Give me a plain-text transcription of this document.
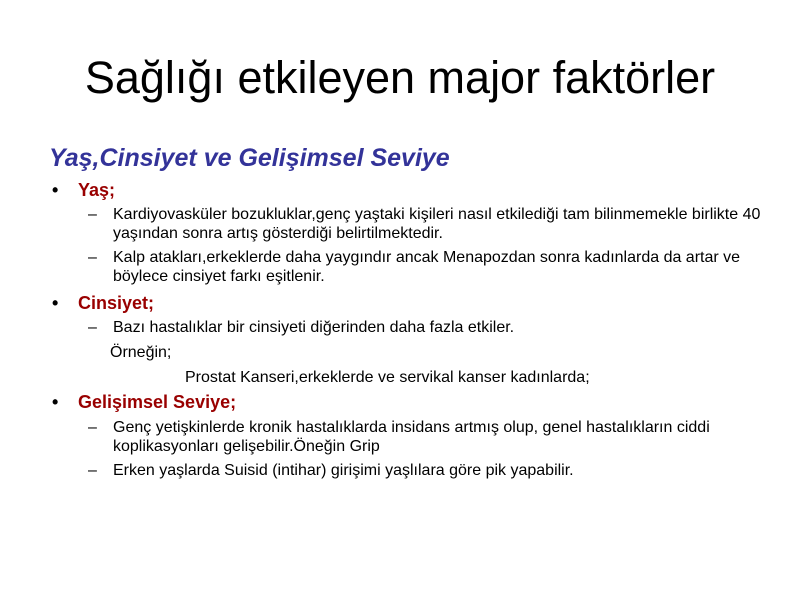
Sağlığı etkileyen major faktörler
Yaş,Cinsiyet ve Gelişimsel Seviye
• Yaş;
–	Kardiyovasküler bozukluklar,genç yaştaki kişileri nasıl etkilediği tam bilinmemekle birlikte 40 yaşından sonra artış gösterdiği belirtilmektedir.
–	Kalp atakları,erkeklerde daha yaygındır ancak Menapozdan sonra kadınlarda da artar ve böylece cinsiyet farkı eşitlenir.
• Cinsiyet;
–	Bazı hastalıklar bir cinsiyeti diğerinden daha fazla etkiler.
Örneğin;
Prostat Kanseri,erkeklerde ve servikal kanser kadınlarda;
• Gelişimsel Seviye;
–	Genç yetişkinlerde kronik hastalıklarda insidans artmış olup, genel hastalıkların ciddi koplikasyonları gelişebilir.Öneğin Grip
–	Erken yaşlarda Suisid (intihar) girişimi yaşlılara göre pik yapabilir.
